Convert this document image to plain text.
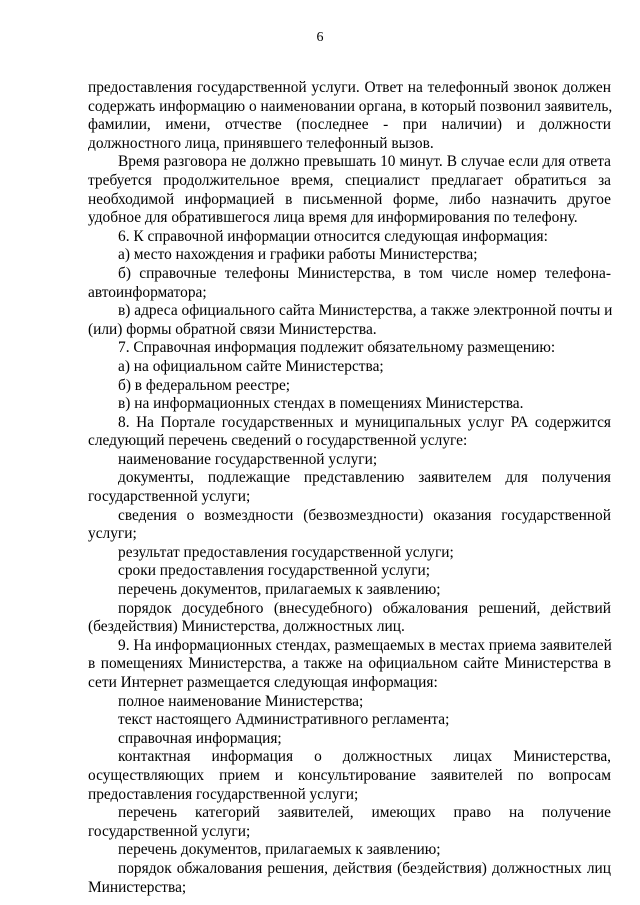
6
предоставления государственной услуги. Ответ на телефонный звонок должен
содержать информацию о наименовании органа, в который позвонил заявитель,
фамилии, имени, отчестве (последнее - при наличии) и должности
должностного лица, принявшего телефонный вызов.
Время разговора не должно превышать 10 минут. В случае если для ответа
требуется продолжительное время, специалист предлагает обратиться за
необходимой информацией в письменной форме, либо назначить другое
удобное для обратившегося лица время для информирования по телефону.
6. К справочной информации относится следующая информация:
а) место нахождения и графики работы Министерства;
б) справочные телефоны Министерства, в том числе номер телефона-
автоинформатора;
в) адреса официального сайта Министерства, а также электронной почты и
(или) формы обратной связи Министерства.
7. Справочная информация подлежит обязательному размещению:
а) на официальном сайте Министерства;
б) в федеральном реестре;
в) на информационных стендах в помещениях Министерства.
8. На Портале государственных и муниципальных услуг РА содержится
следующий перечень сведений о государственной услуге:
наименование государственной услуги;
документы, подлежащие представлению заявителем для получения
государственной услуги;
сведения о возмездности (безвозмездности) оказания государственной
услуги;
результат предоставления государственной услуги;
сроки предоставления государственной услуги;
перечень документов, прилагаемых к заявлению;
порядок досудебного (внесудебного) обжалования решений, действий
(бездействия) Министерства, должностных лиц.
9. На информационных стендах, размещаемых в местах приема заявителей
в помещениях Министерства, а также на официальном сайте Министерства в
сети Интернет размещается следующая информация:
полное наименование Министерства;
текст настоящего Административного регламента;
справочная информация;
контактная информация о должностных лицах Министерства,
осуществляющих прием и консультирование заявителей по вопросам
предоставления государственной услуги;
перечень категорий заявителей, имеющих право на получение
государственной услуги;
перечень документов, прилагаемых к заявлению;
порядок обжалования решения, действия (бездействия) должностных лиц
Министерства;
